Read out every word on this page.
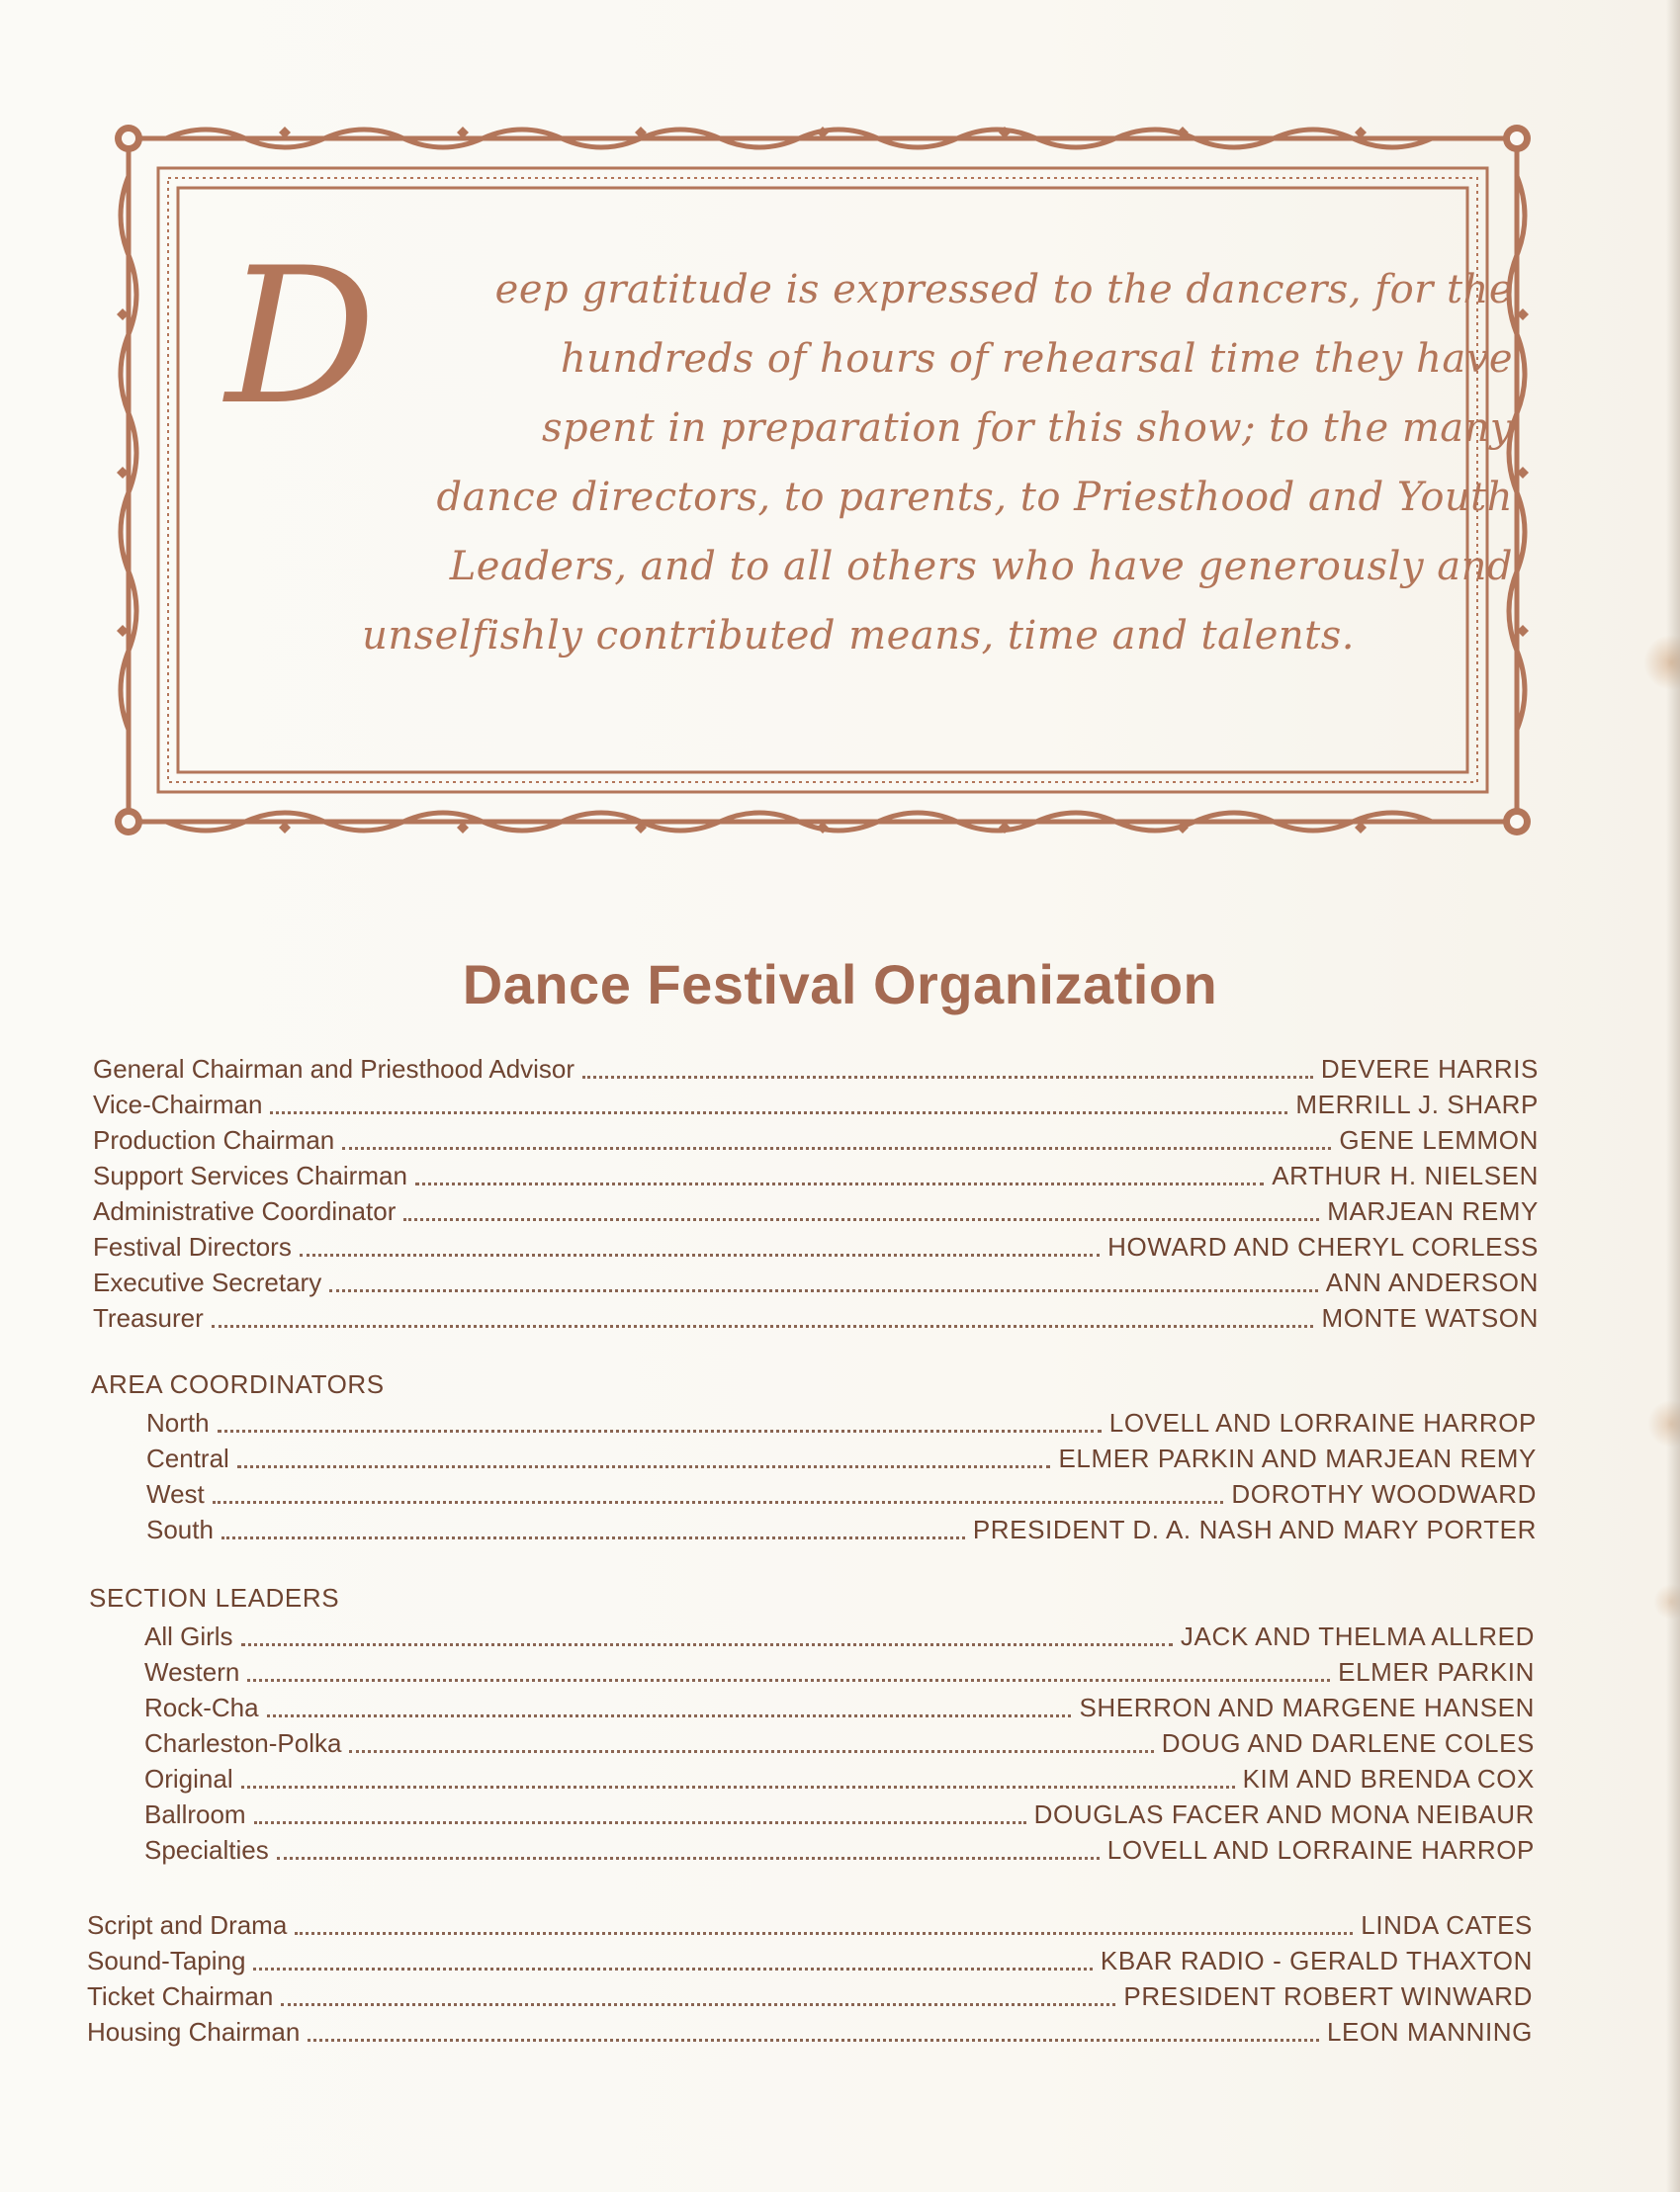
D	eep gratitude is expressed to the dancers, for the
hundreds of hours of rehearsal time they have
spent in preparation for this show; to the many
dance directors, to parents, to Priesthood and Youth
Leaders, and to all others who have generously and
unselfishly contributed means, time and talents.
Dance Festival Organization
General Chairman and Priesthood Advisor	DEVERE HARRIS
Vice-Chairman	MERRILL J. SHARP
Production Chairman	GENE LEMMON
Support Services Chairman	ARTHUR H. NIELSEN
Administrative Coordinator	MARJEAN REMY
Festival Directors	HOWARD AND CHERYL CORLESS
Executive Secretary	ANN ANDERSON
Treasurer	MONTE WATSON
AREA COORDINATORS
North	LOVELL AND LORRAINE HARROP
Central	ELMER PARKIN AND MARJEAN REMY
West	DOROTHY WOODWARD
South	PRESIDENT D. A. NASH AND MARY PORTER
SECTION LEADERS
All Girls	JACK AND THELMA ALLRED
Western	ELMER PARKIN
Rock-Cha	SHERRON AND MARGENE HANSEN
Charleston-Polka	DOUG AND DARLENE COLES
Original	KIM AND BRENDA COX
Ballroom	DOUGLAS FACER AND MONA NEIBAUR
Specialties	LOVELL AND LORRAINE HARROP
Script and Drama	LINDA CATES
Sound-Taping	KBAR RADIO - GERALD THAXTON
Ticket Chairman	PRESIDENT ROBERT WINWARD
Housing Chairman	LEON MANNING
